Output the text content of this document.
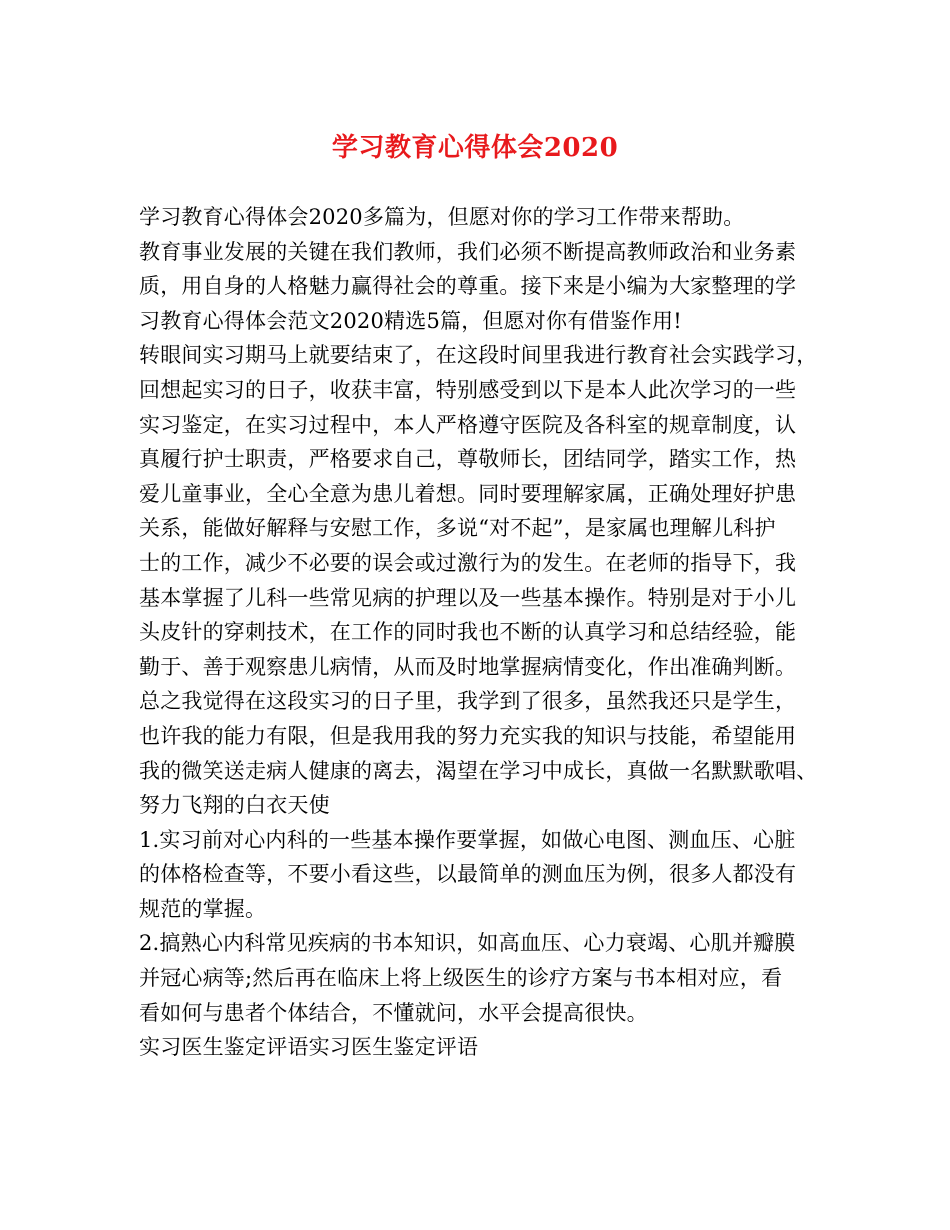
学习教育心得体会2020
学习教育心得体会2020多篇为，但愿对你的学习工作带来帮助。
教育事业发展的关键在我们教师，我们必须不断提高教师政治和业务素
质，用自身的人格魅力赢得社会的尊重。接下来是小编为大家整理的学
习教育心得体会范文2020精选5篇，但愿对你有借鉴作用!
转眼间实习期马上就要结束了，在这段时间里我进行教育社会实践学习，
回想起实习的日子，收获丰富，特别感受到以下是本人此次学习的一些
实习鉴定，在实习过程中，本人严格遵守医院及各科室的规章制度，认
真履行护士职责，严格要求自己，尊敬师长，团结同学，踏实工作，热
爱儿童事业，全心全意为患儿着想。同时要理解家属，正确处理好护患
关系，能做好解释与安慰工作，多说“对不起”，是家属也理解儿科护
士的工作，减少不必要的误会或过激行为的发生。在老师的指导下，我
基本掌握了儿科一些常见病的护理以及一些基本操作。特别是对于小儿
头皮针的穿刺技术，在工作的同时我也不断的认真学习和总结经验，能
勤于、善于观察患儿病情，从而及时地掌握病情变化，作出准确判断。
总之我觉得在这段实习的日子里，我学到了很多，虽然我还只是学生，
也许我的能力有限，但是我用我的努力充实我的知识与技能，希望能用
我的微笑送走病人健康的离去，渴望在学习中成长，真做一名默默歌唱、
努力飞翔的白衣天使
1.实习前对心内科的一些基本操作要掌握，如做心电图、测血压、心脏
的体格检查等，不要小看这些，以最简单的测血压为例，很多人都没有
规范的掌握。
2.搞熟心内科常见疾病的书本知识，如高血压、心力衰竭、心肌并瓣膜
并冠心病等;然后再在临床上将上级医生的诊疗方案与书本相对应，看
看如何与患者个体结合，不懂就问，水平会提高很快。
实习医生鉴定评语实习医生鉴定评语
